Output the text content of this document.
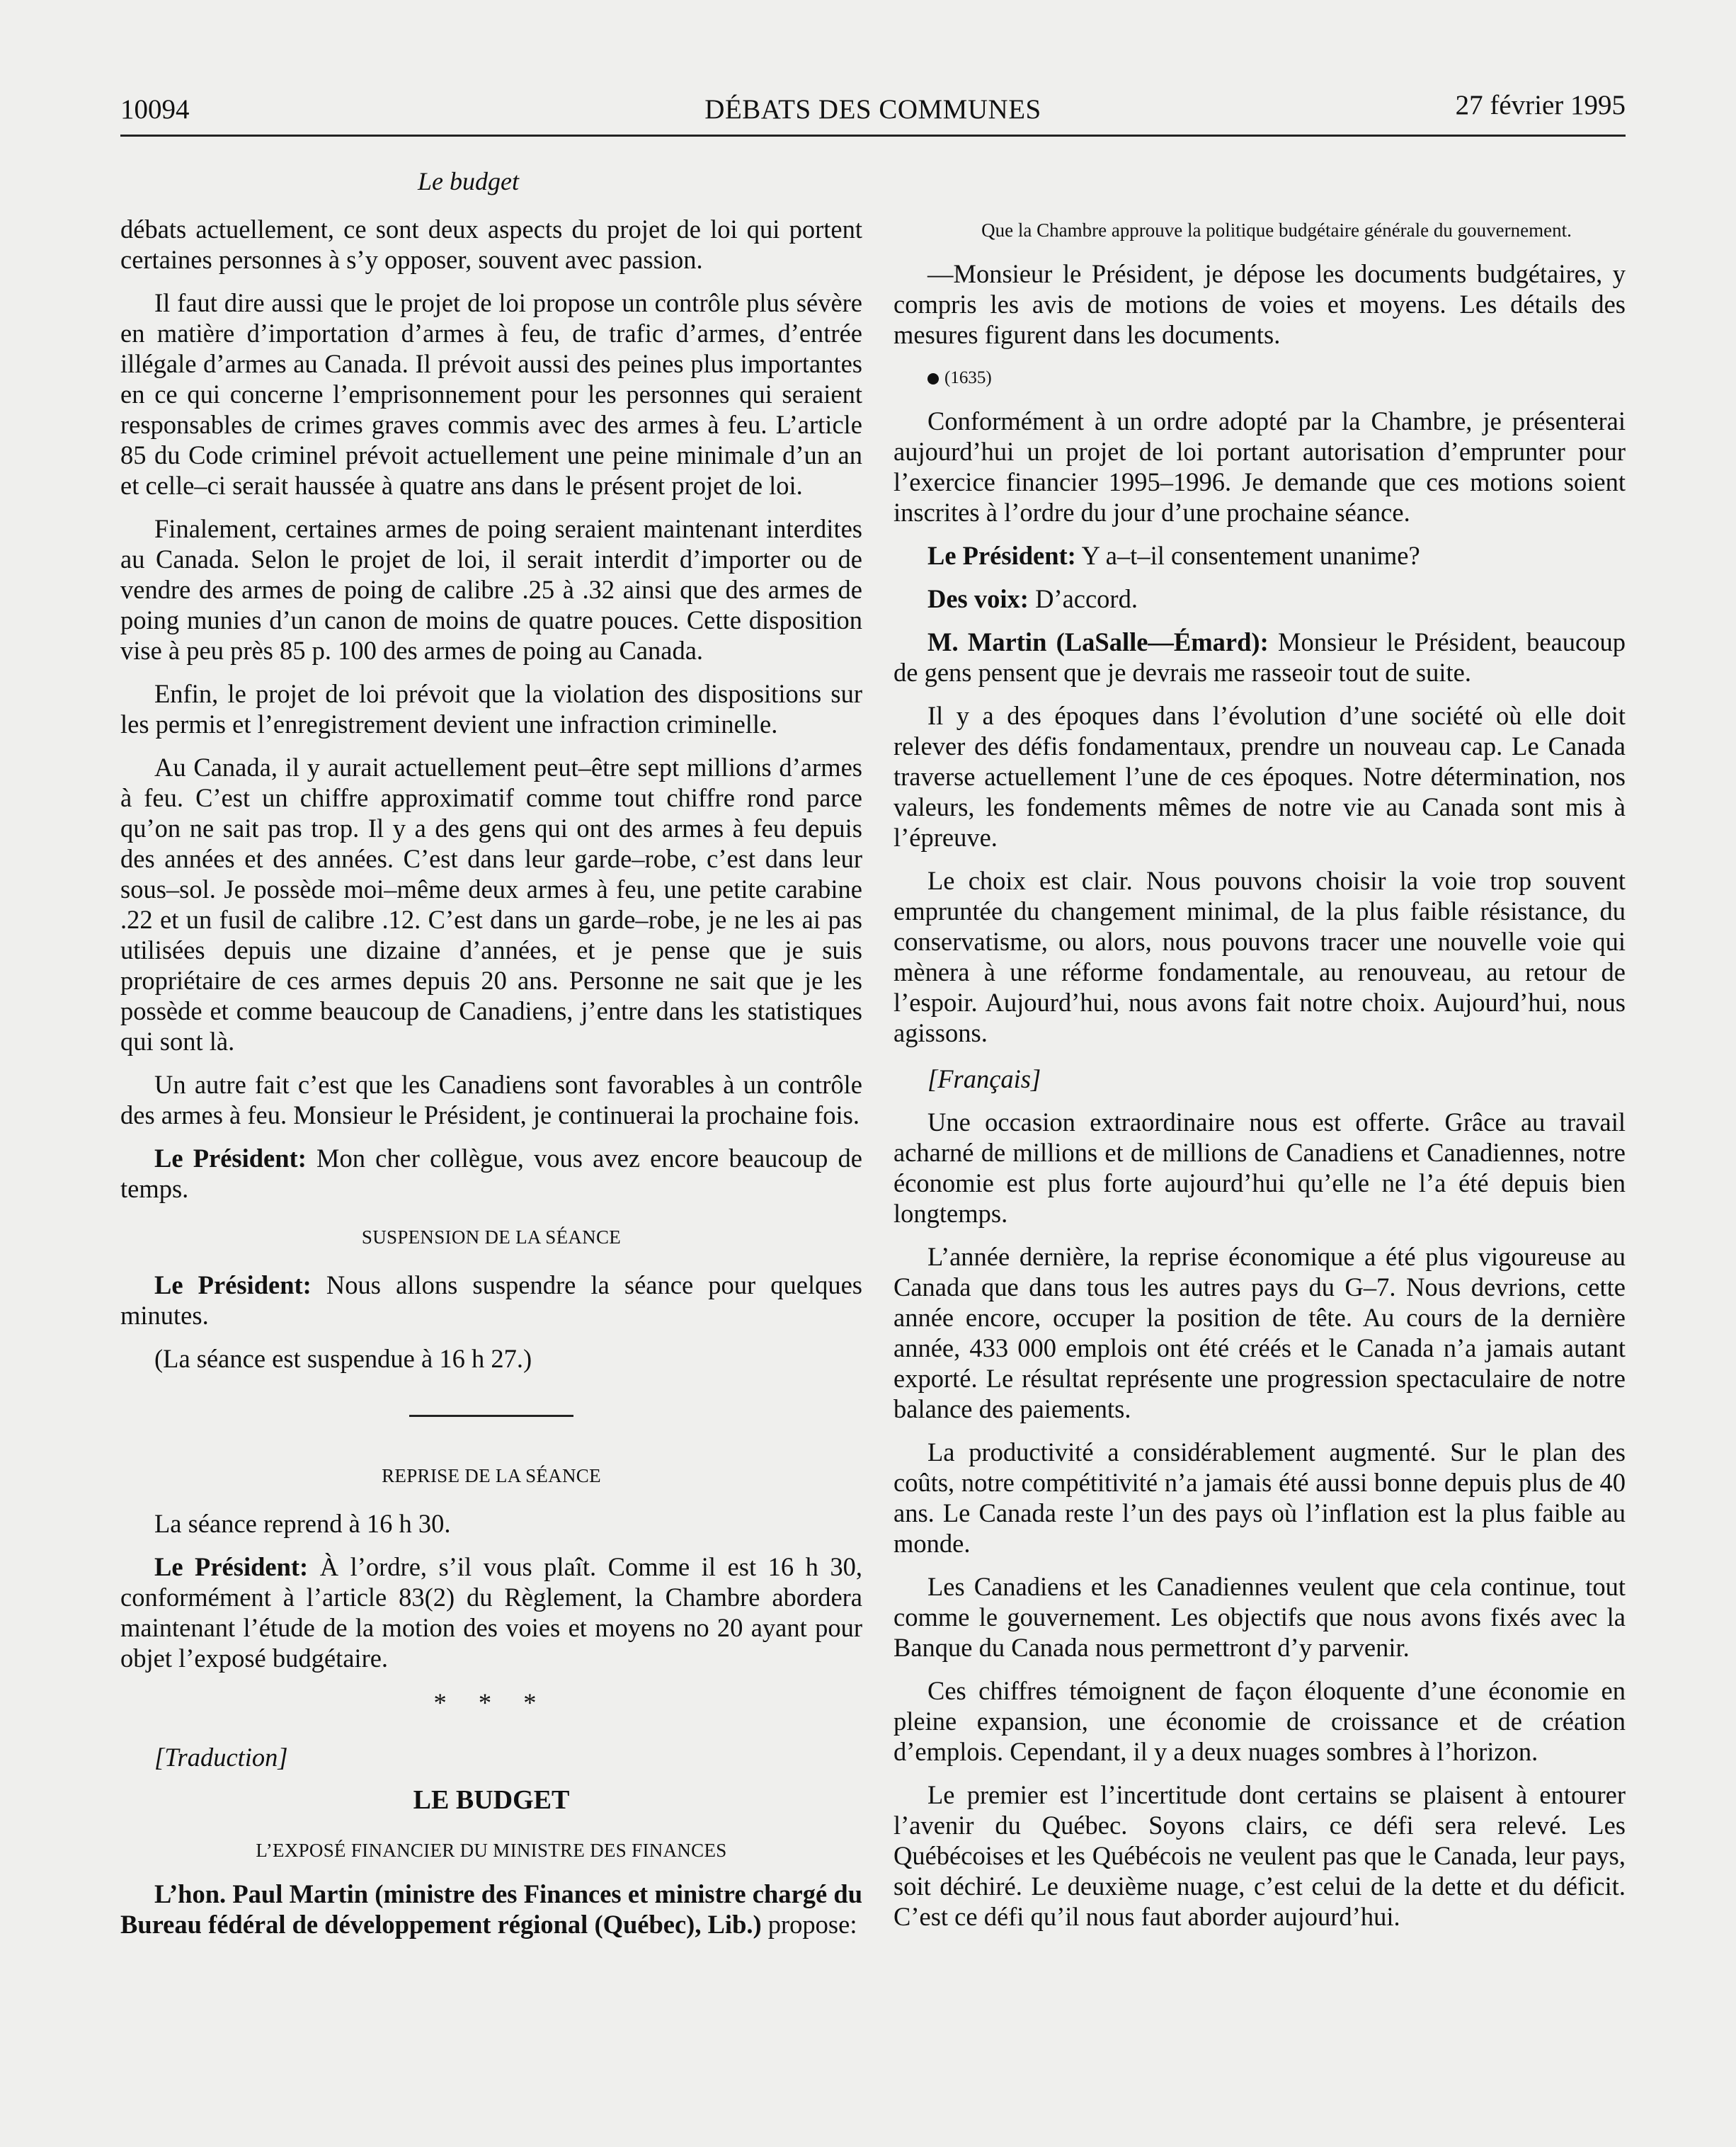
10094	DÉBATS DES COMMUNES	27 février 1995
Le budget

débats actuellement, ce sont deux aspects du projet de loi qui portent certaines personnes à s’y opposer, souvent avec passion.

Il faut dire aussi que le projet de loi propose un contrôle plus sévère en matière d’importation d’armes à feu, de trafic d’armes, d’entrée illégale d’armes au Canada. Il prévoit aussi des peines plus importantes en ce qui concerne l’emprisonnement pour les personnes qui seraient responsables de crimes graves commis avec des armes à feu. L’article 85 du Code criminel prévoit actuellement une peine minimale d’un an et celle–ci serait haussée à quatre ans dans le présent projet de loi.

Finalement, certaines armes de poing seraient maintenant interdites au Canada. Selon le projet de loi, il serait interdit d’importer ou de vendre des armes de poing de calibre .25 à .32 ainsi que des armes de poing munies d’un canon de moins de quatre pouces. Cette disposition vise à peu près 85 p. 100 des armes de poing au Canada.

Enfin, le projet de loi prévoit que la violation des dispositions sur les permis et l’enregistrement devient une infraction criminelle.

Au Canada, il y aurait actuellement peut–être sept millions d’armes à feu. C’est un chiffre approximatif comme tout chiffre rond parce qu’on ne sait pas trop. Il y a des gens qui ont des armes à feu depuis des années et des années. C’est dans leur garde–robe, c’est dans leur sous–sol. Je possède moi–même deux armes à feu, une petite carabine .22 et un fusil de calibre .12. C’est dans un garde–robe, je ne les ai pas utilisées depuis une dizaine d’années, et je pense que je suis propriétaire de ces armes depuis 20 ans. Personne ne sait que je les possède et comme beaucoup de Canadiens, j’entre dans les statistiques qui sont là.

Un autre fait c’est que les Canadiens sont favorables à un contrôle des armes à feu. Monsieur le Président, je continuerai la prochaine fois.

Le Président: Mon cher collègue, vous avez encore beaucoup de temps.

SUSPENSION DE LA SÉANCE

Le Président: Nous allons suspendre la séance pour quelques minutes.

(La séance est suspendue à 16 h 27.)

REPRISE DE LA SÉANCE

La séance reprend à 16 h 30.

Le Président: À l’ordre, s’il vous plaît. Comme il est 16 h 30, conformément à l’article 83(2) du Règlement, la Chambre abordera maintenant l’étude de la motion des voies et moyens no 20 ayant pour objet l’exposé budgétaire.

* * *

[Traduction]

LE BUDGET
L’EXPOSÉ FINANCIER DU MINISTRE DES FINANCES

L’hon. Paul Martin (ministre des Finances et ministre chargé du Bureau fédéral de développement régional (Québec), Lib.) propose:

Que la Chambre approuve la politique budgétaire générale du gouvernement.

—Monsieur le Président, je dépose les documents budgétaires, y compris les avis de motions de voies et moyens. Les détails des mesures figurent dans les documents.

(1635)

Conformément à un ordre adopté par la Chambre, je présenterai aujourd’hui un projet de loi portant autorisation d’emprunter pour l’exercice financier 1995–1996. Je demande que ces motions soient inscrites à l’ordre du jour d’une prochaine séance.

Le Président: Y a–t–il consentement unanime?

Des voix: D’accord.

M. Martin (LaSalle—Émard): Monsieur le Président, beaucoup de gens pensent que je devrais me rasseoir tout de suite.

Il y a des époques dans l’évolution d’une société où elle doit relever des défis fondamentaux, prendre un nouveau cap. Le Canada traverse actuellement l’une de ces époques. Notre détermination, nos valeurs, les fondements mêmes de notre vie au Canada sont mis à l’épreuve.

Le choix est clair. Nous pouvons choisir la voie trop souvent empruntée du changement minimal, de la plus faible résistance, du conservatisme, ou alors, nous pouvons tracer une nouvelle voie qui mènera à une réforme fondamentale, au renouveau, au retour de l’espoir. Aujourd’hui, nous avons fait notre choix. Aujourd’hui, nous agissons.

[Français]

Une occasion extraordinaire nous est offerte. Grâce au travail acharné de millions et de millions de Canadiens et Canadiennes, notre économie est plus forte aujourd’hui qu’elle ne l’a été depuis bien longtemps.

L’année dernière, la reprise économique a été plus vigoureuse au Canada que dans tous les autres pays du G–7. Nous devrions, cette année encore, occuper la position de tête. Au cours de la dernière année, 433 000 emplois ont été créés et le Canada n’a jamais autant exporté. Le résultat représente une progression spectaculaire de notre balance des paiements.

La productivité a considérablement augmenté. Sur le plan des coûts, notre compétitivité n’a jamais été aussi bonne depuis plus de 40 ans. Le Canada reste l’un des pays où l’inflation est la plus faible au monde.

Les Canadiens et les Canadiennes veulent que cela continue, tout comme le gouvernement. Les objectifs que nous avons fixés avec la Banque du Canada nous permettront d’y parvenir.

Ces chiffres témoignent de façon éloquente d’une économie en pleine expansion, une économie de croissance et de création d’emplois. Cependant, il y a deux nuages sombres à l’horizon.

Le premier est l’incertitude dont certains se plaisent à entourer l’avenir du Québec. Soyons clairs, ce défi sera relevé. Les Québécoises et les Québécois ne veulent pas que le Canada, leur pays, soit déchiré. Le deuxième nuage, c’est celui de la dette et du déficit. C’est ce défi qu’il nous faut aborder aujourd’hui.
